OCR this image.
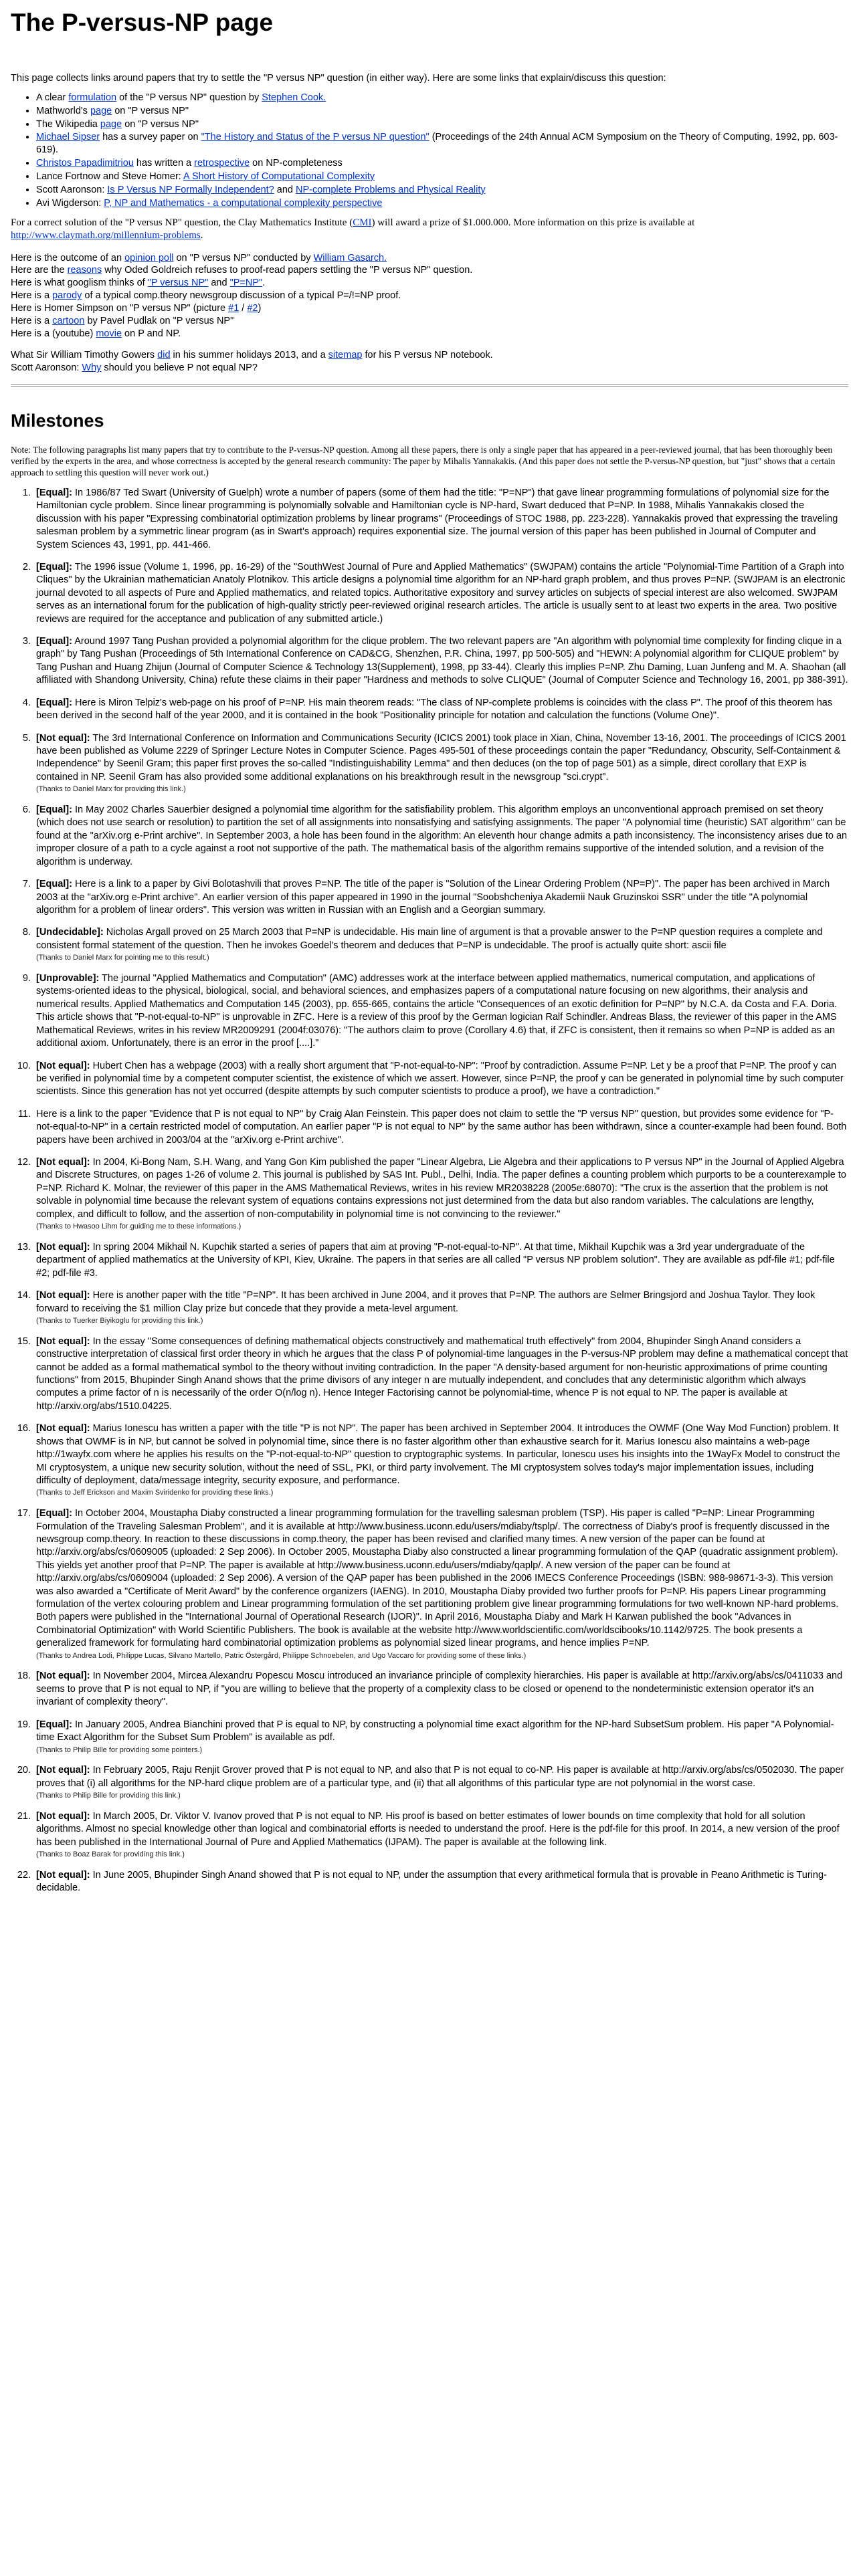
The P-versus-NP page
This page collects links around papers that try to settle the "P versus NP" question (in either way). Here are some links that explain/discuss this question:
• A clear formulation of the "P versus NP" question by Stephen Cook.
• Mathworld's page on "P versus NP"
• The Wikipedia page on "P versus NP"
• Michael Sipser has a survey paper on "The History and Status of the P versus NP question" (Proceedings of the 24th Annual ACM Symposium on the Theory of Computing, 1992, pp. 603-619).
• Christos Papadimitriou has written a retrospective on NP-completeness
• Lance Fortnow and Steve Homer: A Short History of Computational Complexity
• Scott Aaronson: Is P Versus NP Formally Independent? and NP-complete Problems and Physical Reality
• Avi Wigderson: P, NP and Mathematics - a computational complexity perspective

For a correct solution of the "P versus NP" question, the Clay Mathematics Institute (CMI) will award a prize of $1.000.000. More information on this prize is available at http://www.claymath.org/millennium-problems.

Here is the outcome of an opinion poll on "P versus NP" conducted by William Gasarch.
Here are the reasons why Oded Goldreich refuses to proof-read papers settling the "P versus NP" question.
Here is what googlism thinks of "P versus NP" and "P=NP".
Here is a parody of a typical comp.theory newsgroup discussion of a typical P=/!=NP proof.
Here is Homer Simpson on "P versus NP" (picture #1 / #2)
Here is a cartoon by Pavel Pudlak on "P versus NP"
Here is a (youtube) movie on P and NP.
What Sir William Timothy Gowers did in his summer holidays 2013, and a sitemap for his P versus NP notebook.
Scott Aaronson: Why should you believe P not equal NP?
Milestones
Note: The following paragraphs list many papers that try to contribute to the P-versus-NP question. Among all these papers, there is only a single paper that has appeared in a peer-reviewed journal, that has been thoroughly been verified by the experts in the area, and whose correctness is accepted by the general research community: The paper by Mihalis Yannakakis. (And this paper does not settle the P-versus-NP question, but "just" shows that a certain approach to settling this question will never work out.)

1. [Equal]: In 1986/87 Ted Swart (University of Guelph) wrote a number of papers (some of them had the title: "P=NP") that gave linear programming formulations of polynomial size for the Hamiltonian cycle problem. Since linear programming is polynomially solvable and Hamiltonian cycle is NP-hard, Swart deduced that P=NP. In 1988, Mihalis Yannakakis closed the discussion with his paper "Expressing combinatorial optimization problems by linear programs" (Proceedings of STOC 1988, pp. 223-228). Yannakakis proved that expressing the traveling salesman problem by a symmetric linear program (as in Swart's approach) requires exponential size. The journal version of this paper has been published in Journal of Computer and System Sciences 43, 1991, pp. 441-466.

2. [Equal]: The 1996 issue (Volume 1, 1996, pp. 16-29) of the "SouthWest Journal of Pure and Applied Mathematics" (SWJPAM) contains the article "Polynomial-Time Partition of a Graph into Cliques" by the Ukrainian mathematician Anatoly Plotnikov. This article designs a polynomial time algorithm for an NP-hard graph problem, and thus proves P=NP. (SWJPAM is an electronic journal devoted to all aspects of Pure and Applied mathematics, and related topics. Authoritative expository and survey articles on subjects of special interest are also welcomed. SWJPAM serves as an international forum for the publication of high-quality strictly peer-reviewed original research articles. The article is usually sent to at least two experts in the area. Two positive reviews are required for the acceptance and publication of any submitted article.)

3. [Equal]: Around 1997 Tang Pushan provided a polynomial algorithm for the clique problem. The two relevant papers are "An algorithm with polynomial time complexity for finding clique in a graph" by Tang Pushan (Proceedings of 5th International Conference on CAD&CG, Shenzhen, P.R. China, 1997, pp 500-505) and "HEWN: A polynomial algorithm for CLIQUE problem" by Tang Pushan and Huang Zhijun (Journal of Computer Science & Technology 13(Supplement), 1998, pp 33-44). Clearly this implies P=NP. Zhu Daming, Luan Junfeng and M. A. Shaohan (all affiliated with Shandong University, China) refute these claims in their paper "Hardness and methods to solve CLIQUE" (Journal of Computer Science and Technology 16, 2001, pp 388-391).

4. [Equal]: Here is Miron Telpiz's web-page on his proof of P=NP. His main theorem reads: "The class of NP-complete problems is coincides with the class P". The proof of this theorem has been derived in the second half of the year 2000, and it is contained in the book "Positionality principle for notation and calculation the functions (Volume One)".

5. [Not equal]: The 3rd International Conference on Information and Communications Security (ICICS 2001) took place in Xian, China, November 13-16, 2001. The proceedings of ICICS 2001 have been published as Volume 2229 of Springer Lecture Notes in Computer Science. Pages 495-501 of these proceedings contain the paper "Redundancy, Obscurity, Self-Containment & Independence" by Seenil Gram; this paper first proves the so-called "Indistinguishability Lemma" and then deduces (on the top of page 501) as a simple, direct corollary that EXP is contained in NP. Seenil Gram has also provided some additional explanations on his breakthrough result in the newsgroup "sci.crypt".

(Thanks to Daniel Marx for providing this link.)

6. [Equal]: In May 2002 Charles Sauerbier designed a polynomial time algorithm for the satisfiability problem. This algorithm employs an unconventional approach premised on set theory (which does not use search or resolution) to partition the set of all assignments into nonsatisfying and satisfying assignments. The paper "A polynomial time (heuristic) SAT algorithm" can be found at the "arXiv.org e-Print archive". In September 2003, a hole has been found in the algorithm: An eleventh hour change admits a path inconsistency. The inconsistency arises due to an improper closure of a path to a cycle against a root not supportive of the path. The mathematical basis of the algorithm remains supportive of the intended solution, and a revision of the algorithm is underway.

7. [Equal]: Here is a link to a paper by Givi Bolotashvili that proves P=NP. The title of the paper is "Solution of the Linear Ordering Problem (NP=P)". The paper has been archived in March 2003 at the "arXiv.org e-Print archive". An earlier version of this paper appeared in 1990 in the journal "Soobshcheniya Akademii Nauk Gruzinskoi SSR" under the title "A polynomial algorithm for a problem of linear orders". This version was written in Russian with an English and a Georgian summary.

8. [Undecidable]: Nicholas Argall proved on 25 March 2003 that P=NP is undecidable. His main line of argument is that a provable answer to the P=NP question requires a complete and consistent formal statement of the question. Then he invokes Goedel's theorem and deduces that P=NP is undecidable. The proof is actually quite short: ascii file

(Thanks to Daniel Marx for pointing me to this result.)

9. [Unprovable]: The journal "Applied Mathematics and Computation" (AMC) addresses work at the interface between applied mathematics, numerical computation, and applications of systems-oriented ideas to the physical, biological, social, and behavioral sciences, and emphasizes papers of a computational nature focusing on new algorithms, their analysis and numerical results. Applied Mathematics and Computation 145 (2003), pp. 655-665, contains the article "Consequences of an exotic definition for P=NP" by N.C.A. da Costa and F.A. Doria. This article shows that "P-not-equal-to-NP" is unprovable in ZFC. Here is a review of this proof by the German logician Ralf Schindler. Andreas Blass, the reviewer of this paper in the AMS Mathematical Reviews, writes in his review MR2009291 (2004f:03076): "The authors claim to prove (Corollary 4.6) that, if ZFC is consistent, then it remains so when P=NP is added as an additional axiom. Unfortunately, there is an error in the proof [....]."

10. [Not equal]: Hubert Chen has a webpage (2003) with a really short argument that "P-not-equal-to-NP": "Proof by contradiction. Assume P=NP. Let y be a proof that P=NP. The proof y can be verified in polynomial time by a competent computer scientist, the existence of which we assert. However, since P=NP, the proof y can be generated in polynomial time by such computer scientists. Since this generation has not yet occurred (despite attempts by such computer scientists to produce a proof), we have a contradiction."

11. Here is a link to the paper "Evidence that P is not equal to NP" by Craig Alan Feinstein. This paper does not claim to settle the "P versus NP" question, but provides some evidence for "P-not-equal-to-NP" in a certain restricted model of computation. An earlier paper "P is not equal to NP" by the same author has been withdrawn, since a counter-example had been found. Both papers have been archived in 2003/04 at the "arXiv.org e-Print archive".

12. [Not equal]: In 2004, Ki-Bong Nam, S.H. Wang, and Yang Gon Kim published the paper "Linear Algebra, Lie Algebra and their applications to P versus NP" in the Journal of Applied Algebra and Discrete Structures, on pages 1-26 of volume 2. This journal is published by SAS Int. Publ., Delhi, India. The paper defines a counting problem which purports to be a counterexample to P=NP. Richard K. Molnar, the reviewer of this paper in the AMS Mathematical Reviews, writes in his review MR2038228 (2005e:68070): "The crux is the assertion that the problem is not solvable in polynomial time because the relevant system of equations contains expressions not just determined from the data but also random variables. The calculations are lengthy, complex, and difficult to follow, and the assertion of non-computability in polynomial time is not convincing to the reviewer."

(Thanks to Hwasoo Lihm for guiding me to these informations.)

13. [Not equal]: In spring 2004 Mikhail N. Kupchik started a series of papers that aim at proving "P-not-equal-to-NP". At that time, Mikhail Kupchik was a 3rd year undergraduate of the department of applied mathematics at the University of KPI, Kiev, Ukraine. The papers in that series are all called "P versus NP problem solution". They are available as pdf-file #1; pdf-file #2; pdf-file #3.

14. [Not equal]: Here is another paper with the title "P=NP". It has been archived in June 2004, and it proves that P=NP. The authors are Selmer Bringsjord and Joshua Taylor. They look forward to receiving the $1 million Clay prize but concede that they provide a meta-level argument.

(Thanks to Tuerker Biyikoglu for providing this link.)

15. [Not equal]: In the essay "Some consequences of defining mathematical objects constructively and mathematical truth effectively" from 2004, Bhupinder Singh Anand considers a constructive interpretation of classical first order theory in which he argues that the class P of polynomial-time languages in the P-versus-NP problem may define a mathematical concept that cannot be added as a formal mathematical symbol to the theory without inviting contradiction. In the paper "A density-based argument for non-heuristic approximations of prime counting functions" from 2015, Bhupinder Singh Anand shows that the prime divisors of any integer n are mutually independent, and concludes that any deterministic algorithm which always computes a prime factor of n is necessarily of the order O(n/log n). Hence Integer Factorising cannot be polynomial-time, whence P is not equal to NP. The paper is available at http://arxiv.org/abs/1510.04225.

16. [Not equal]: Marius Ionescu has written a paper with the title "P is not NP". The paper has been archived in September 2004. It introduces the OWMF (One Way Mod Function) problem. It shows that OWMF is in NP, but cannot be solved in polynomial time, since there is no faster algorithm other than exhaustive search for it. Marius Ionescu also maintains a web-page http://1wayfx.com where he applies his results on the "P-not-equal-to-NP" question to cryptographic systems. In particular, Ionescu uses his insights into the 1WayFx Model to construct the MI cryptosystem, a unique new security solution, without the need of SSL, PKI, or third party involvement. The MI cryptosystem solves today's major implementation issues, including difficulty of deployment, data/message integrity, security exposure, and performance.

(Thanks to Jeff Erickson and Maxim Sviridenko for providing these links.)

17. [Equal]: In October 2004, Moustapha Diaby constructed a linear programming formulation for the travelling salesman problem (TSP). His paper is called "P=NP: Linear Programming Formulation of the Traveling Salesman Problem", and it is available at http://www.business.uconn.edu/users/mdiaby/tsplp/. The correctness of Diaby's proof is frequently discussed in the newsgroup comp.theory. In reaction to these discussions in comp.theory, the paper has been revised and clarified many times. A new version of the paper can be found at http://arxiv.org/abs/cs/0609005 (uploaded: 2 Sep 2006). In October 2005, Moustapha Diaby also constructed a linear programming formulation of the QAP (quadratic assignment problem). This yields yet another proof that P=NP. The paper is available at http://www.business.uconn.edu/users/mdiaby/qaplp/. A new version of the paper can be found at http://arxiv.org/abs/cs/0609004 (uploaded: 2 Sep 2006). A version of the QAP paper has been published in the 2006 IMECS Conference Proceedings (ISBN: 988-98671-3-3). This version was also awarded a "Certificate of Merit Award" by the conference organizers (IAENG). In 2010, Moustapha Diaby provided two further proofs for P=NP. His papers Linear programming formulation of the vertex colouring problem and Linear programming formulation of the set partitioning problem give linear programming formulations for two well-known NP-hard problems. Both papers were published in the "International Journal of Operational Research (IJOR)". In April 2016, Moustapha Diaby and Mark H Karwan published the book "Advances in Combinatorial Optimization" with World Scientific Publishers. The book is available at the website http://www.worldscientific.com/worldscibooks/10.1142/9725. The book presents a generalized framework for formulating hard combinatorial optimization problems as polynomial sized linear programs, and hence implies P=NP.

(Thanks to Andrea Lodi, Philippe Lucas, Silvano Martello, Patric Östergård, Philippe Schnoebelen, and Ugo Vaccaro for providing some of these links.)

18. [Not equal]: In November 2004, Mircea Alexandru Popescu Moscu introduced an invariance principle of complexity hierarchies. His paper is available at http://arxiv.org/abs/cs/0411033 and seems to prove that P is not equal to NP, if "you are willing to believe that the property of a complexity class to be closed or openend to the nondeterministic extension operator it's an invariant of complexity theory".

19. [Equal]: In January 2005, Andrea Bianchini proved that P is equal to NP, by constructing a polynomial time exact algorithm for the NP-hard SubsetSum problem. His paper "A Polynomial-time Exact Algorithm for the Subset Sum Problem" is available as pdf.

(Thanks to Philip Bille for providing some pointers.)

20. [Not equal]: In February 2005, Raju Renjit Grover proved that P is not equal to NP, and also that P is not equal to co-NP. His paper is available at http://arxiv.org/abs/cs/0502030. The paper proves that (i) all algorithms for the NP-hard clique problem are of a particular type, and (ii) that all algorithms of this particular type are not polynomial in the worst case.

(Thanks to Philip Bille for providing this link.)

21. [Not equal]: In March 2005, Dr. Viktor V. Ivanov proved that P is not equal to NP. His proof is based on better estimates of lower bounds on time complexity that hold for all solution algorithms. Almost no special knowledge other than logical and combinatorial efforts is needed to understand the proof. Here is the pdf-file for this proof. In 2014, a new version of the proof has been published in the International Journal of Pure and Applied Mathematics (IJPAM). The paper is available at the following link.

(Thanks to Boaz Barak for providing this link.)

22. [Not equal]: In June 2005, Bhupinder Singh Anand showed that P is not equal to NP, under the assumption that every arithmetical formula that is provable in Peano Arithmetic is Turing-decidable.
